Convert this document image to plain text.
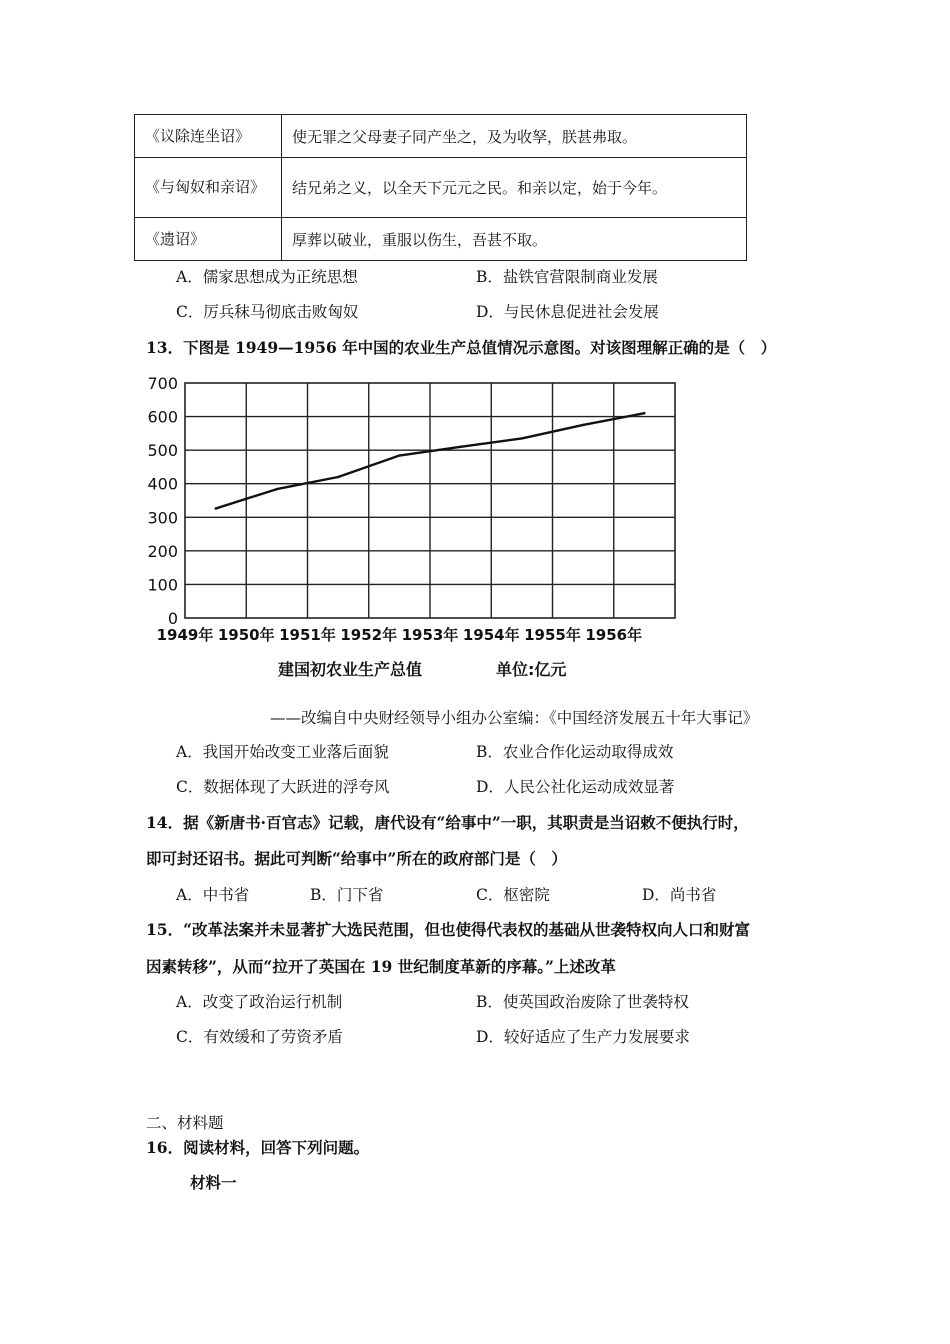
《议除连坐诏》	使无罪之父母妻子同产坐之，及为收孥，朕甚弗取。
《与匈奴和亲诏》	结兄弟之义，以全天下元元之民。和亲以定，始于今年。
《遗诏》	厚葬以破业，重服以伤生，吾甚不取。
A．儒家思想成为正统思想	B．盐铁官营限制商业发展
C．厉兵秣马彻底击败匈奴	D．与民休息促进社会发展
13．下图是 1949—1956 年中国的农业生产总值情况示意图。对该图理解正确的是（　）
700
600
500
400
300
200
100
0
1949年 1950年 1951年 1952年 1953年 1954年 1955年 1956年
建国初农业生产总值	单位:亿元
——改编自中央财经领导小组办公室编：《中国经济发展五十年大事记》
A．我国开始改变工业落后面貌	B．农业合作化运动取得成效
C．数据体现了大跃进的浮夸风	D．人民公社化运动成效显著
14．据《新唐书·百官志》记载，唐代设有“给事中”一职，其职责是当诏敕不便执行时，
即可封还诏书。据此可判断“给事中”所在的政府部门是（　）
A．中书省	B．门下省	C．枢密院	D．尚书省
15．“改革法案并未显著扩大选民范围，但也使得代表权的基础从世袭特权向人口和财富
因素转移”，从而“拉开了英国在 19 世纪制度革新的序幕。”上述改革
A．改变了政治运行机制	B．使英国政治废除了世袭特权
C．有效缓和了劳资矛盾	D．较好适应了生产力发展要求
二、材料题
16．阅读材料，回答下列问题。
材料一
